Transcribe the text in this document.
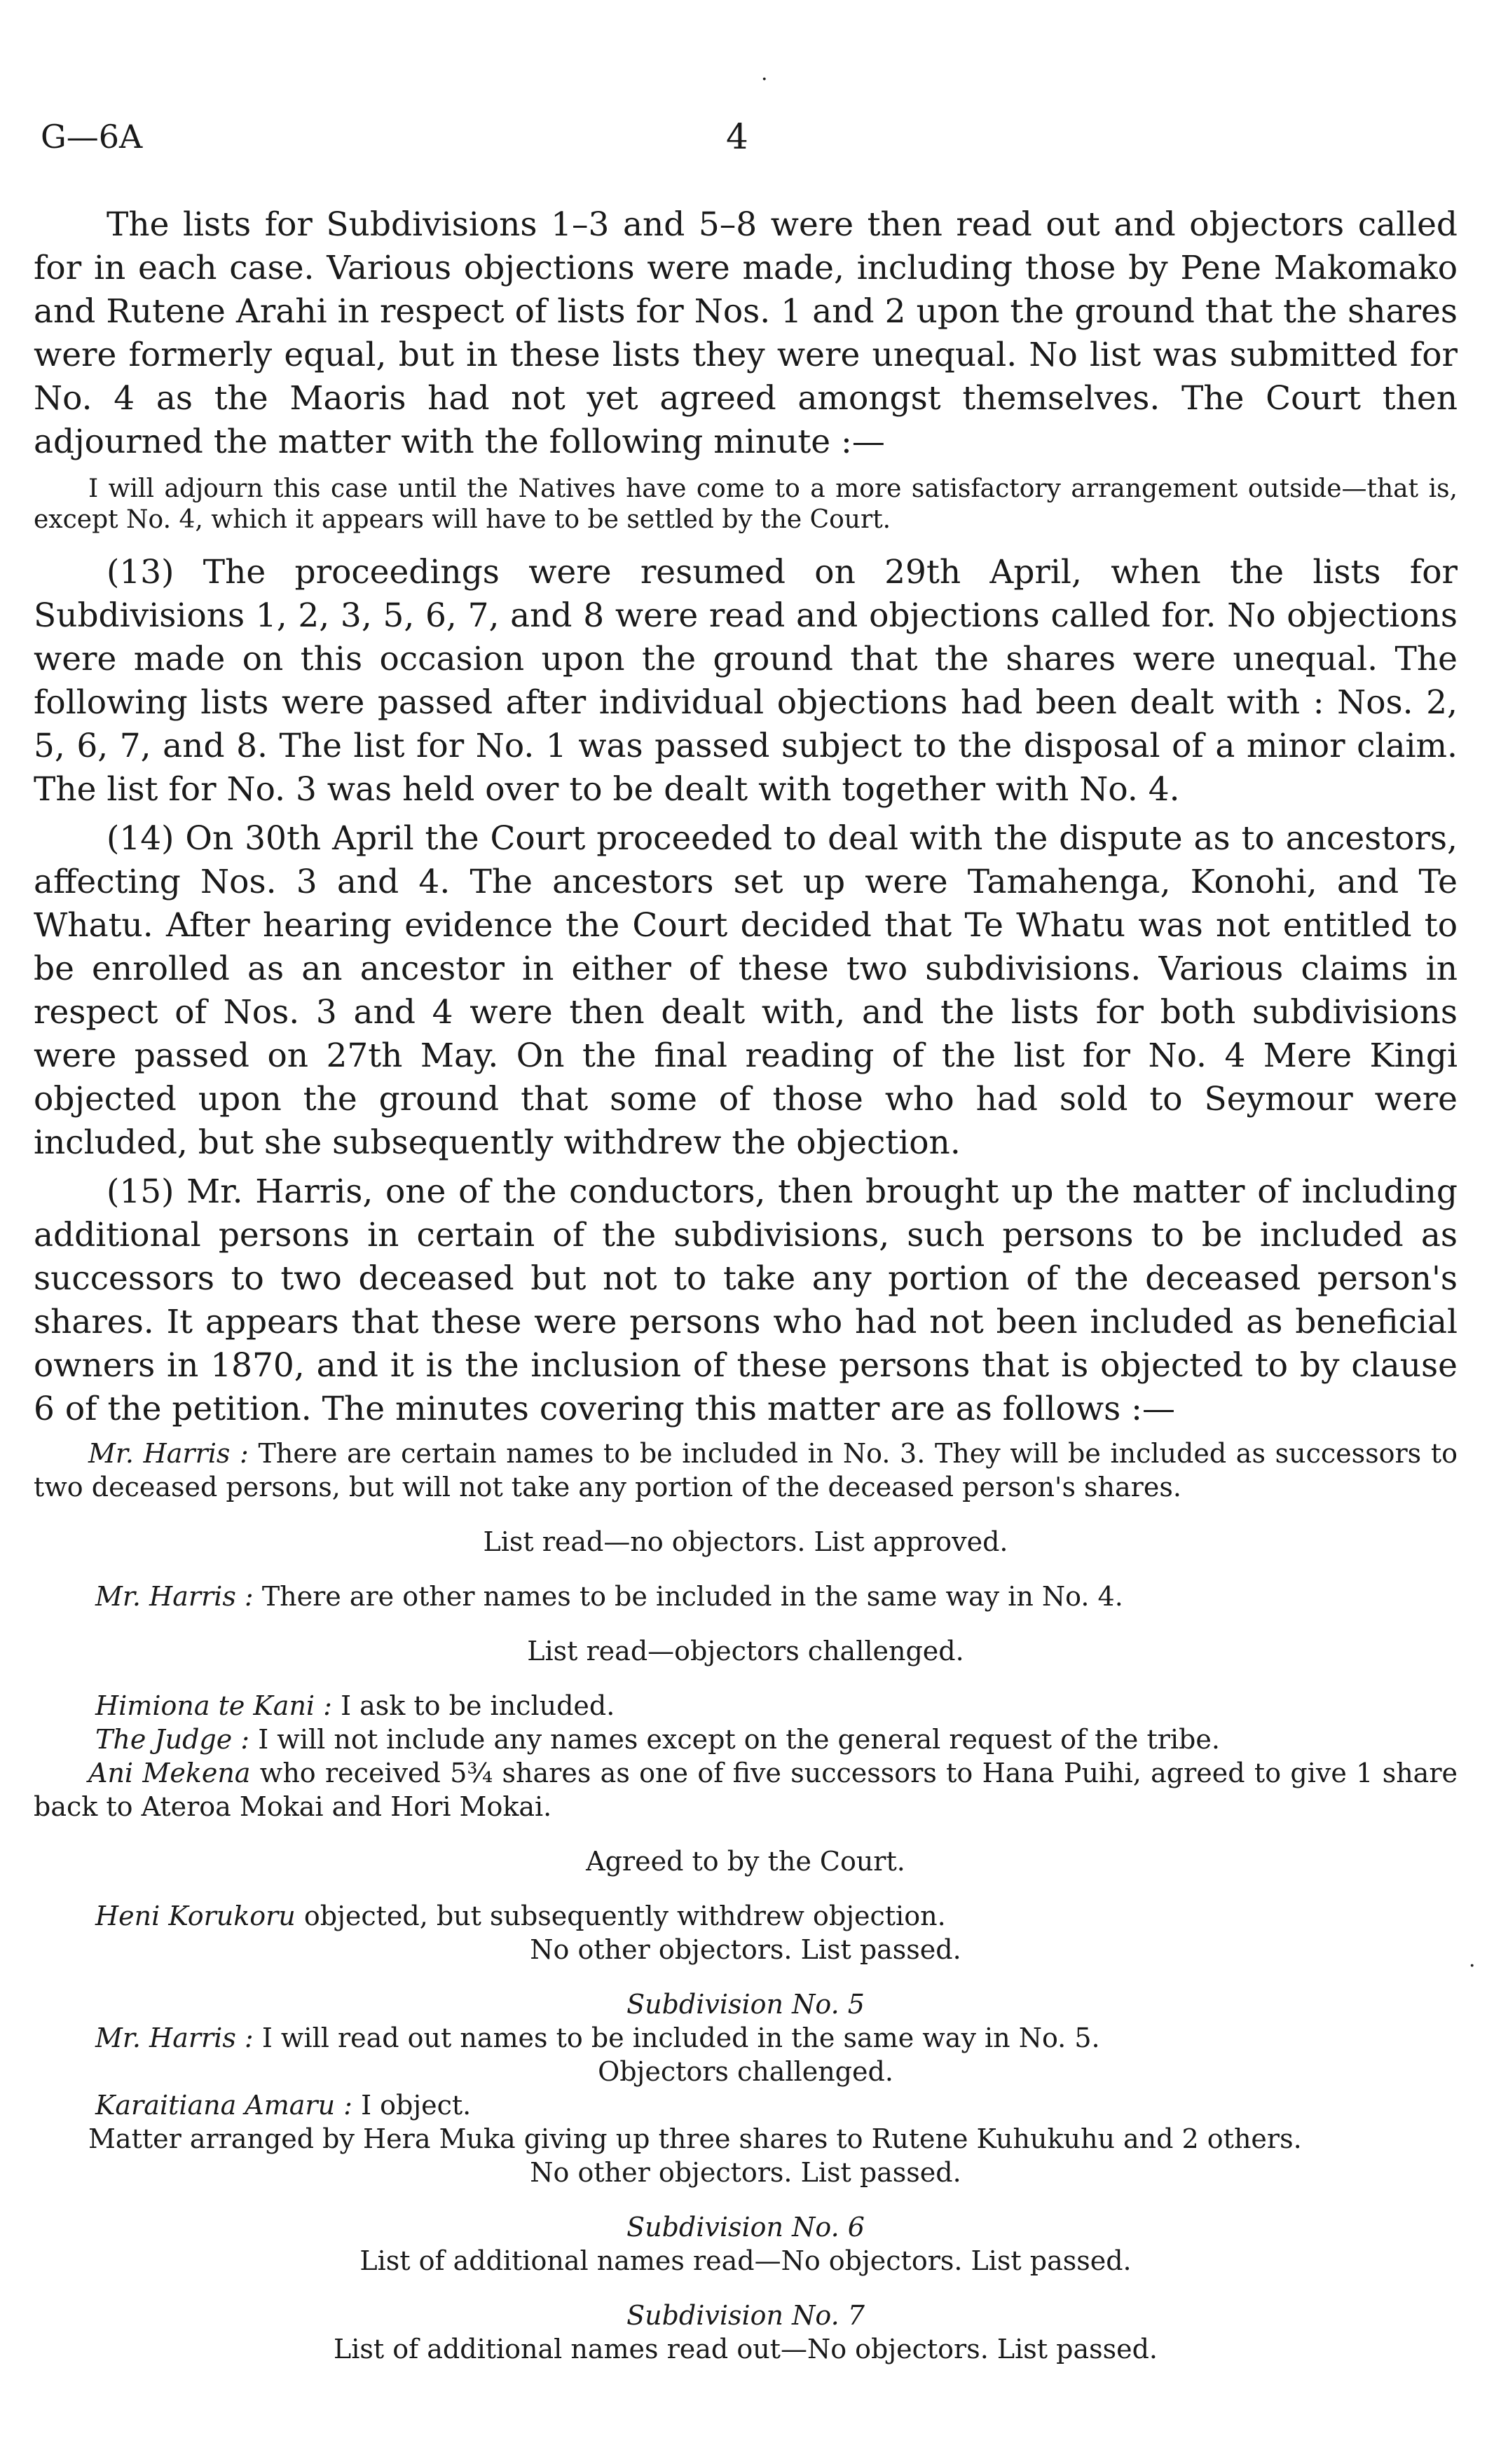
G—6A	4

The lists for Subdivisions 1–3 and 5–8 were then read out and objectors called for in each case. Various objections were made, including those by Pene Makomako and Rutene Arahi in respect of lists for Nos. 1 and 2 upon the ground that the shares were formerly equal, but in these lists they were unequal. No list was submitted for No. 4 as the Maoris had not yet agreed amongst themselves. The Court then adjourned the matter with the following minute :—

I will adjourn this case until the Natives have come to a more satisfactory arrangement outside—that is, except No. 4, which it appears will have to be settled by the Court.

(13) The proceedings were resumed on 29th April, when the lists for Subdivisions 1, 2, 3, 5, 6, 7, and 8 were read and objections called for. No objections were made on this occasion upon the ground that the shares were unequal. The following lists were passed after individual objections had been dealt with : Nos. 2, 5, 6, 7, and 8. The list for No. 1 was passed subject to the disposal of a minor claim. The list for No. 3 was held over to be dealt with together with No. 4.

(14) On 30th April the Court proceeded to deal with the dispute as to ancestors, affecting Nos. 3 and 4. The ancestors set up were Tamahenga, Konohi, and Te Whatu. After hearing evidence the Court decided that Te Whatu was not entitled to be enrolled as an ancestor in either of these two subdivisions. Various claims in respect of Nos. 3 and 4 were then dealt with, and the lists for both subdivisions were passed on 27th May. On the final reading of the list for No. 4 Mere Kingi objected upon the ground that some of those who had sold to Seymour were included, but she subsequently withdrew the objection.

(15) Mr. Harris, one of the conductors, then brought up the matter of including additional persons in certain of the subdivisions, such persons to be included as successors to two deceased but not to take any portion of the deceased person's shares. It appears that these were persons who had not been included as beneficial owners in 1870, and it is the inclusion of these persons that is objected to by clause 6 of the petition. The minutes covering this matter are as follows :—

Mr. Harris : There are certain names to be included in No. 3. They will be included as successors to two deceased persons, but will not take any portion of the deceased person's shares.

List read—no objectors. List approved.

Mr. Harris : There are other names to be included in the same way in No. 4.

List read—objectors challenged.

Himiona te Kani : I ask to be included.

The Judge : I will not include any names except on the general request of the tribe.

Ani Mekena who received 5¾ shares as one of five successors to Hana Puihi, agreed to give 1 share back to Ateroa Mokai and Hori Mokai.

Agreed to by the Court.

Heni Korukoru objected, but subsequently withdrew objection.

No other objectors. List passed.

Subdivision No. 5

Mr. Harris : I will read out names to be included in the same way in No. 5.

Objectors challenged.

Karaitiana Amaru : I object.

Matter arranged by Hera Muka giving up three shares to Rutene Kuhukuhu and 2 others.

No other objectors. List passed.

Subdivision No. 6

List of additional names read—No objectors. List passed.

Subdivision No. 7

List of additional names read out—No objectors. List passed.

·
·
